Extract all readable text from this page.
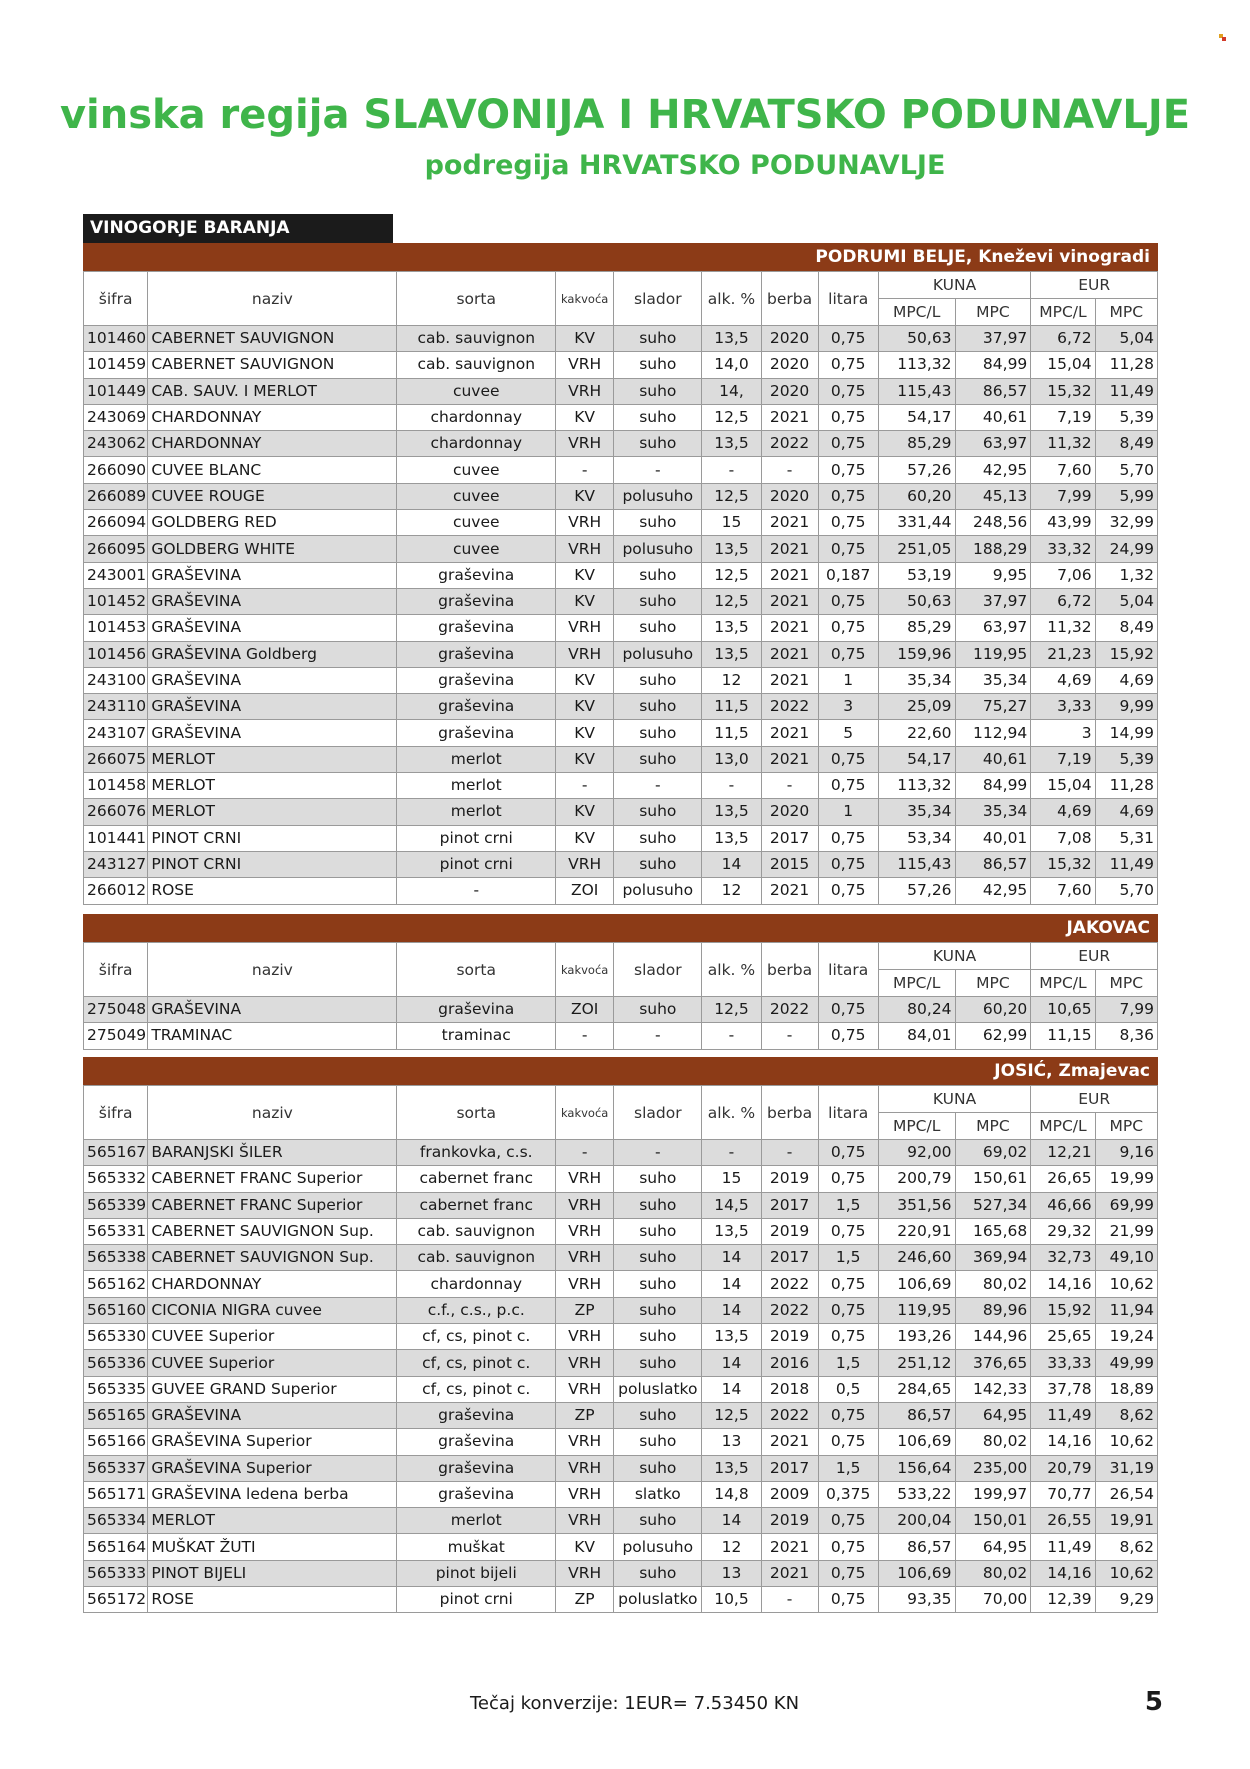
vinska regija SLAVONIJA I HRVATSKO PODUNAVLJE
podregija HRVATSKO PODUNAVLJE
VINOGORJE BARANJA
PODRUMI BELJE, Kneževi vinogradi
šifra	naziv	sorta	kakvoća	slador	alk. %	berba	litara	KUNA		EUR	
								MPC/L	MPC	MPC/L	MPC
101460	CABERNET SAUVIGNON	cab. sauvignon	KV	suho	13,5	2020	0,75	50,63	37,97	6,72	5,04
101459	CABERNET SAUVIGNON	cab. sauvignon	VRH	suho	14,0	2020	0,75	113,32	84,99	15,04	11,28
101449	CAB. SAUV. I MERLOT	cuvee	VRH	suho	14,	2020	0,75	115,43	86,57	15,32	11,49
243069	CHARDONNAY	chardonnay	KV	suho	12,5	2021	0,75	54,17	40,61	7,19	5,39
243062	CHARDONNAY	chardonnay	VRH	suho	13,5	2022	0,75	85,29	63,97	11,32	8,49
266090	CUVEE BLANC	cuvee	-	-	-	-	0,75	57,26	42,95	7,60	5,70
266089	CUVEE ROUGE	cuvee	KV	polusuho	12,5	2020	0,75	60,20	45,13	7,99	5,99
266094	GOLDBERG RED	cuvee	VRH	suho	15	2021	0,75	331,44	248,56	43,99	32,99
266095	GOLDBERG WHITE	cuvee	VRH	polusuho	13,5	2021	0,75	251,05	188,29	33,32	24,99
243001	GRAŠEVINA	graševina	KV	suho	12,5	2021	0,187	53,19	9,95	7,06	1,32
101452	GRAŠEVINA	graševina	KV	suho	12,5	2021	0,75	50,63	37,97	6,72	5,04
101453	GRAŠEVINA	graševina	VRH	suho	13,5	2021	0,75	85,29	63,97	11,32	8,49
101456	GRAŠEVINA Goldberg	graševina	VRH	polusuho	13,5	2021	0,75	159,96	119,95	21,23	15,92
243100	GRAŠEVINA	graševina	KV	suho	12	2021	1	35,34	35,34	4,69	4,69
243110	GRAŠEVINA	graševina	KV	suho	11,5	2022	3	25,09	75,27	3,33	9,99
243107	GRAŠEVINA	graševina	KV	suho	11,5	2021	5	22,60	112,94	3	14,99
266075	MERLOT	merlot	KV	suho	13,0	2021	0,75	54,17	40,61	7,19	5,39
101458	MERLOT	merlot	-	-	-	-	0,75	113,32	84,99	15,04	11,28
266076	MERLOT	merlot	KV	suho	13,5	2020	1	35,34	35,34	4,69	4,69
101441	PINOT CRNI	pinot crni	KV	suho	13,5	2017	0,75	53,34	40,01	7,08	5,31
243127	PINOT CRNI	pinot crni	VRH	suho	14	2015	0,75	115,43	86,57	15,32	11,49
266012	ROSE	-	ZOI	polusuho	12	2021	0,75	57,26	42,95	7,60	5,70
JAKOVAC
šifra	naziv	sorta	kakvoća	slador	alk. %	berba	litara	KUNA		EUR	
								MPC/L	MPC	MPC/L	MPC
275048	GRAŠEVINA	graševina	ZOI	suho	12,5	2022	0,75	80,24	60,20	10,65	7,99
275049	TRAMINAC	traminac	-	-	-	-	0,75	84,01	62,99	11,15	8,36
JOSIĆ, Zmajevac
šifra	naziv	sorta	kakvoća	slador	alk. %	berba	litara	KUNA		EUR	
								MPC/L	MPC	MPC/L	MPC
565167	BARANJSKI ŠILER	frankovka, c.s.	-	-	-	-	0,75	92,00	69,02	12,21	9,16
565332	CABERNET FRANC Superior	cabernet franc	VRH	suho	15	2019	0,75	200,79	150,61	26,65	19,99
565339	CABERNET FRANC Superior	cabernet franc	VRH	suho	14,5	2017	1,5	351,56	527,34	46,66	69,99
565331	CABERNET SAUVIGNON Sup.	cab. sauvignon	VRH	suho	13,5	2019	0,75	220,91	165,68	29,32	21,99
565338	CABERNET SAUVIGNON Sup.	cab. sauvignon	VRH	suho	14	2017	1,5	246,60	369,94	32,73	49,10
565162	CHARDONNAY	chardonnay	VRH	suho	14	2022	0,75	106,69	80,02	14,16	10,62
565160	CICONIA NIGRA cuvee	c.f., c.s., p.c.	ZP	suho	14	2022	0,75	119,95	89,96	15,92	11,94
565330	CUVEE Superior	cf, cs, pinot c.	VRH	suho	13,5	2019	0,75	193,26	144,96	25,65	19,24
565336	CUVEE Superior	cf, cs, pinot c.	VRH	suho	14	2016	1,5	251,12	376,65	33,33	49,99
565335	GUVEE GRAND Superior	cf, cs, pinot c.	VRH	poluslatko	14	2018	0,5	284,65	142,33	37,78	18,89
565165	GRAŠEVINA	graševina	ZP	suho	12,5	2022	0,75	86,57	64,95	11,49	8,62
565166	GRAŠEVINA Superior	graševina	VRH	suho	13	2021	0,75	106,69	80,02	14,16	10,62
565337	GRAŠEVINA Superior	graševina	VRH	suho	13,5	2017	1,5	156,64	235,00	20,79	31,19
565171	GRAŠEVINA ledena berba	graševina	VRH	slatko	14,8	2009	0,375	533,22	199,97	70,77	26,54
565334	MERLOT	merlot	VRH	suho	14	2019	0,75	200,04	150,01	26,55	19,91
565164	MUŠKAT ŽUTI	muškat	KV	polusuho	12	2021	0,75	86,57	64,95	11,49	8,62
565333	PINOT BIJELI	pinot bijeli	VRH	suho	13	2021	0,75	106,69	80,02	14,16	10,62
565172	ROSE	pinot crni	ZP	poluslatko	10,5	-	0,75	93,35	70,00	12,39	9,29
Tečaj konverzije: 1EUR= 7.53450 KN	5
